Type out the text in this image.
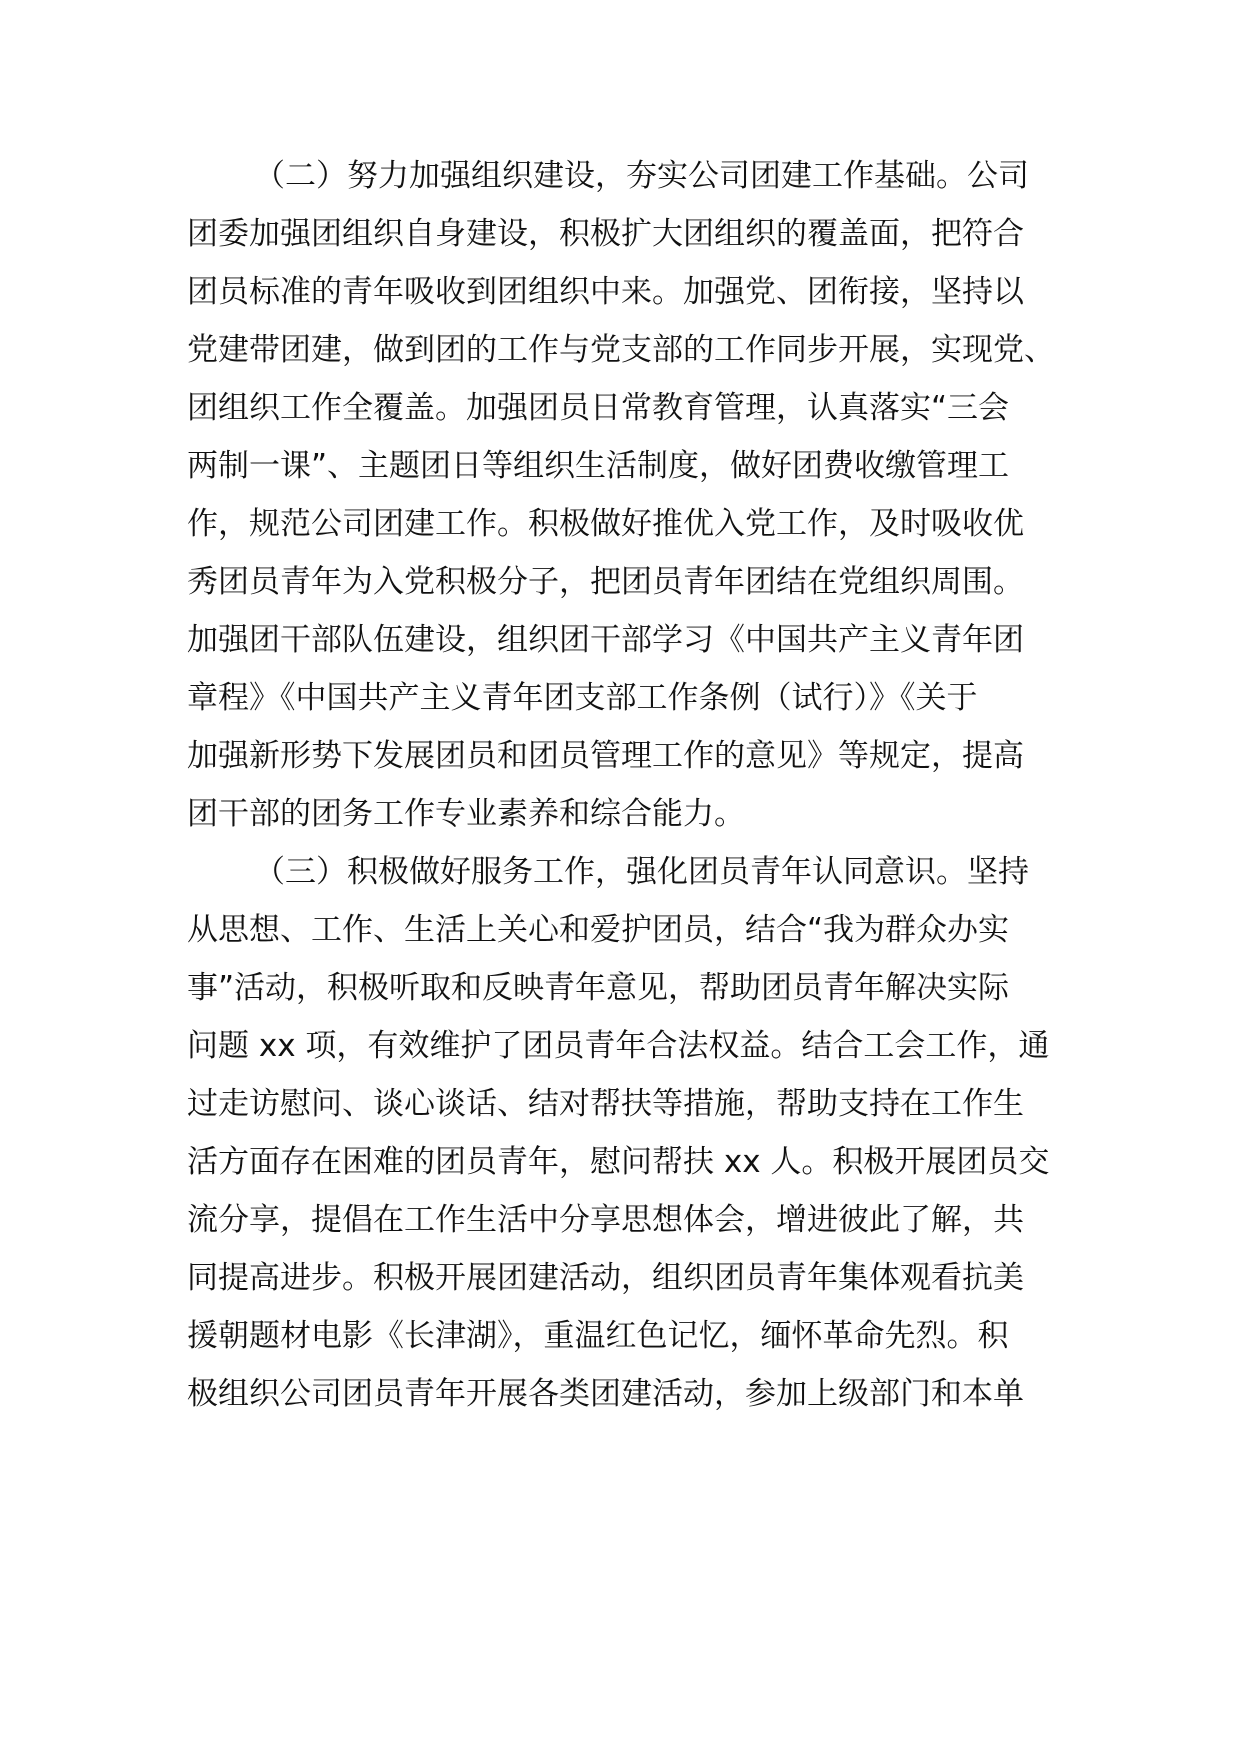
（二）努力加强组织建设，夯实公司团建工作基础。公司
团委加强团组织自身建设，积极扩大团组织的覆盖面，把符合
团员标准的青年吸收到团组织中来。加强党、团衔接，坚持以
党建带团建，做到团的工作与党支部的工作同步开展，实现党、
团组织工作全覆盖。加强团员日常教育管理，认真落实“三会
两制一课”、主题团日等组织生活制度，做好团费收缴管理工
作，规范公司团建工作。积极做好推优入党工作，及时吸收优
秀团员青年为入党积极分子，把团员青年团结在党组织周围。
加强团干部队伍建设，组织团干部学习《中国共产主义青年团
章程》《中国共产主义青年团支部工作条例（试行）》《关于
加强新形势下发展团员和团员管理工作的意见》等规定，提高
团干部的团务工作专业素养和综合能力。
（三）积极做好服务工作，强化团员青年认同意识。坚持
从思想、工作、生活上关心和爱护团员，结合“我为群众办实
事”活动，积极听取和反映青年意见，帮助团员青年解决实际
问题 xx 项，有效维护了团员青年合法权益。结合工会工作，通
过走访慰问、谈心谈话、结对帮扶等措施，帮助支持在工作生
活方面存在困难的团员青年，慰问帮扶 xx 人。积极开展团员交
流分享，提倡在工作生活中分享思想体会，增进彼此了解，共
同提高进步。积极开展团建活动，组织团员青年集体观看抗美
援朝题材电影《长津湖》，重温红色记忆，缅怀革命先烈。积
极组织公司团员青年开展各类团建活动，参加上级部门和本单
